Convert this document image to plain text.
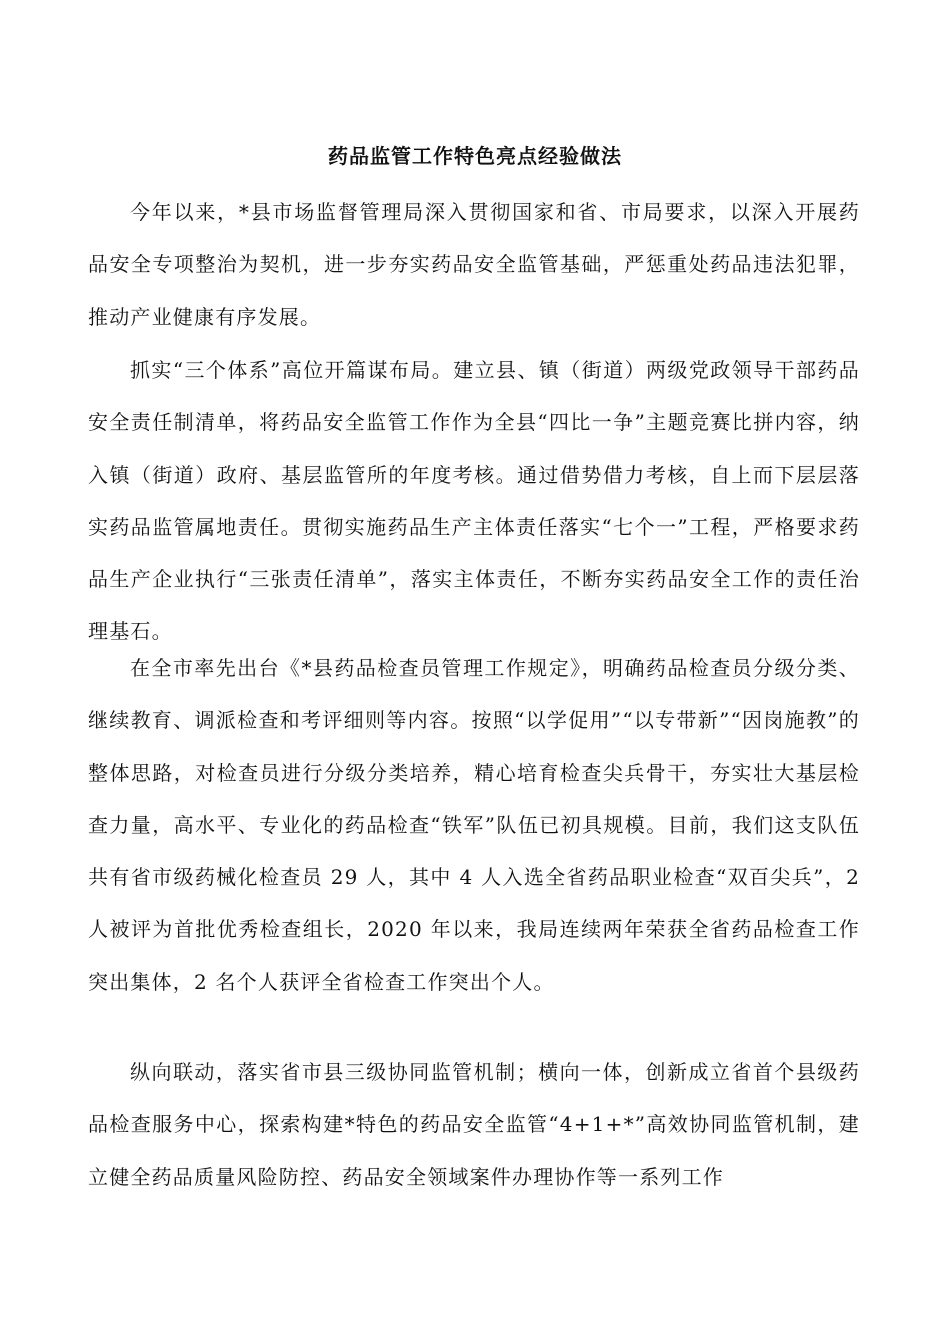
药品监管工作特色亮点经验做法
今年以来，*县市场监督管理局深入贯彻国家和省、市局要求，以深入开展药品安全专项整治为契机，进一步夯实药品安全监管基础，严惩重处药品违法犯罪，推动产业健康有序发展。
抓实“三个体系”高位开篇谋布局。建立县、镇（街道）两级党政领导干部药品安全责任制清单，将药品安全监管工作作为全县“四比一争”主题竞赛比拼内容，纳入镇（街道）政府、基层监管所的年度考核。通过借势借力考核，自上而下层层落实药品监管属地责任。贯彻实施药品生产主体责任落实“七个一”工程，严格要求药品生产企业执行“三张责任清单”，落实主体责任，不断夯实药品安全工作的责任治理基石。
在全市率先出台《*县药品检查员管理工作规定》，明确药品检查员分级分类、继续教育、调派检查和考评细则等内容。按照“以学促用”“以专带新”“因岗施教”的整体思路，对检查员进行分级分类培养，精心培育检查尖兵骨干，夯实壮大基层检查力量，高水平、专业化的药品检查“铁军”队伍已初具规模。目前，我们这支队伍共有省市级药械化检查员 29 人，其中 4 人入选全省药品职业检查“双百尖兵”，2 人被评为首批优秀检查组长，2020 年以来，我局连续两年荣获全省药品检查工作突出集体，2 名个人获评全省检查工作突出个人。
纵向联动，落实省市县三级协同监管机制；横向一体，创新成立省首个县级药品检查服务中心，探索构建*特色的药品安全监管“4+1+*”高效协同监管机制，建立健全药品质量风险防控、药品安全领域案件办理协作等一系列工作
